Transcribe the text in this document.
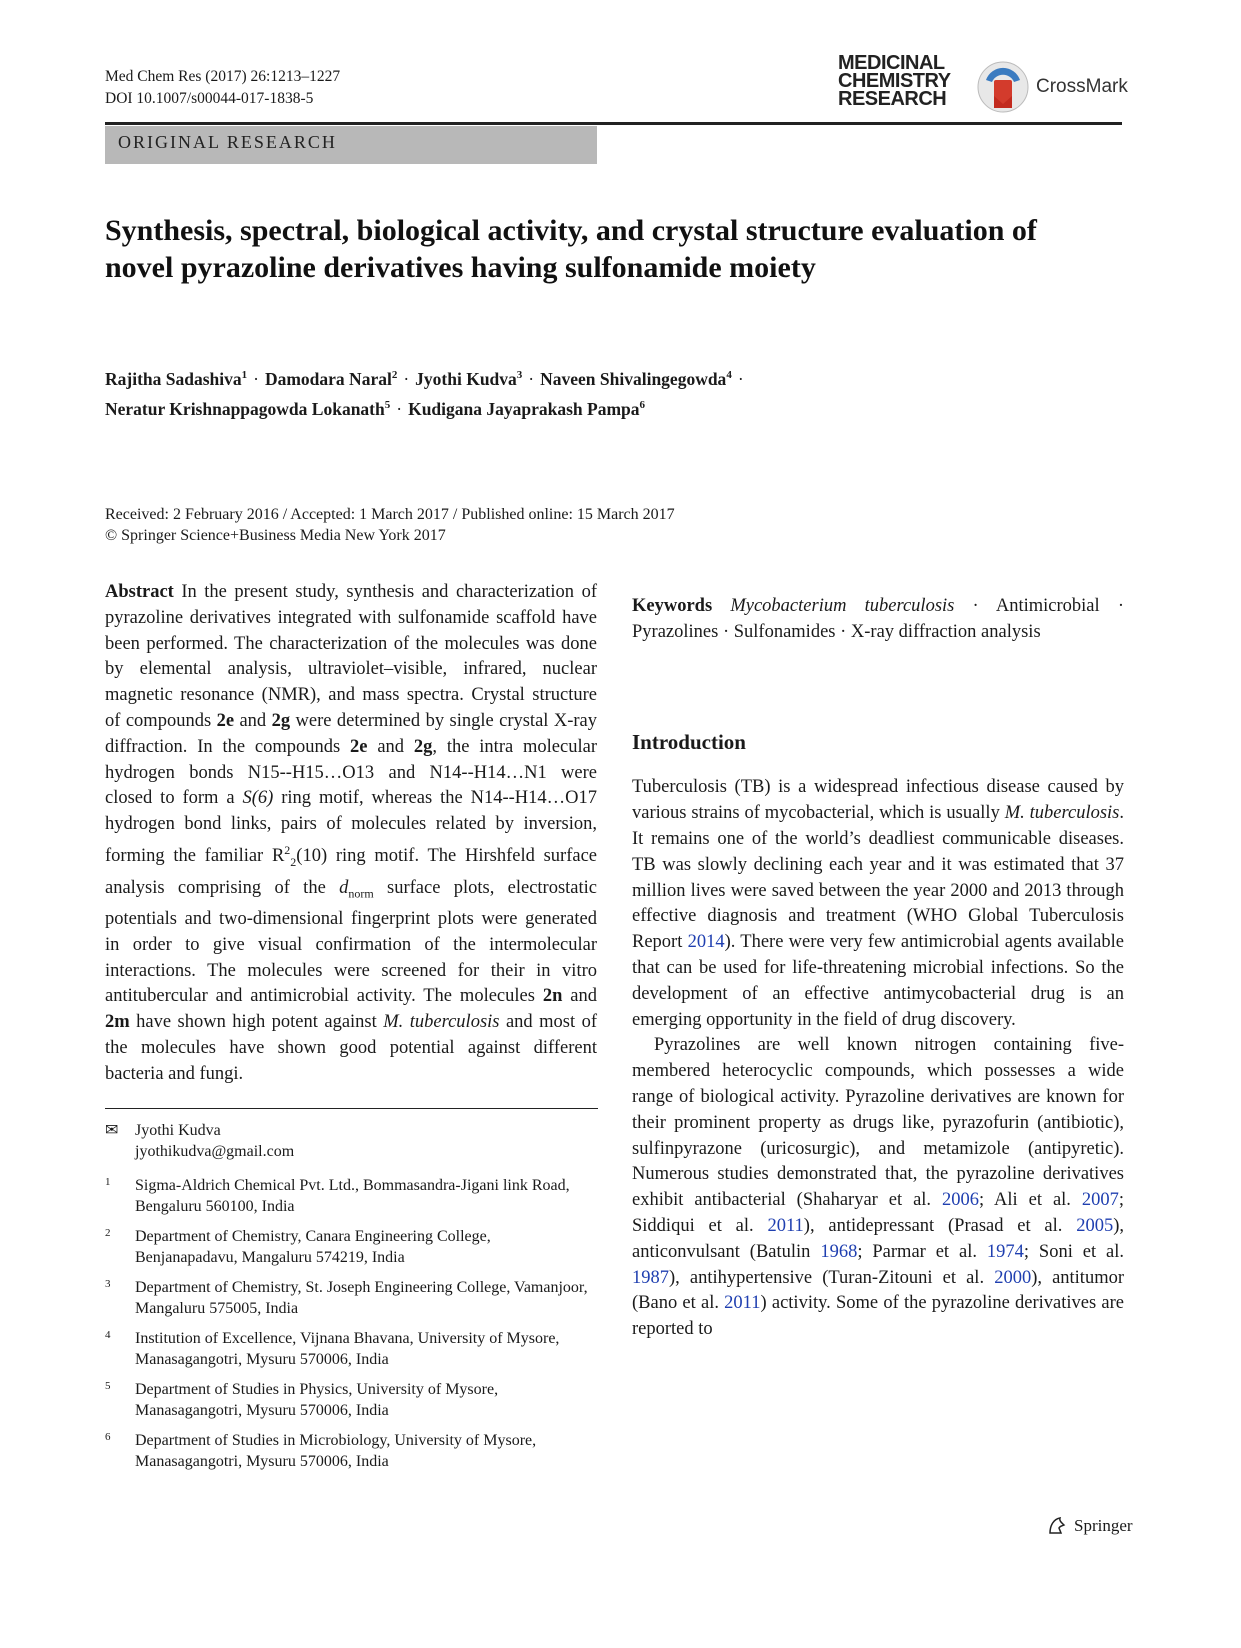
Med Chem Res (2017) 26:1213–1227
DOI 10.1007/s00044-017-1838-5
MEDICINAL
CHEMISTRY
RESEARCH
CrossMark
ORIGINAL RESEARCH
Synthesis, spectral, biological activity, and crystal structure evaluation of novel pyrazoline derivatives having sulfonamide moiety
Rajitha Sadashiva$^1$ · Damodara Naral$^2$ · Jyothi Kudva$^3$ · Naveen Shivalingegowda$^4$ ·
Neratur Krishnappagowda Lokanath$^5$ · Kudigana Jayaprakash Pampa$^6$
Received: 2 February 2016 / Accepted: 1 March 2017 / Published online: 15 March 2017
© Springer Science+Business Media New York 2017

Abstract In the present study, synthesis and characterization of pyrazoline derivatives integrated with sulfonamide scaffold have been performed. The characterization of the molecules was done by elemental analysis, ultraviolet–visible, infrared, nuclear magnetic resonance (NMR), and mass spectra. Crystal structure of compounds 2e and 2g were determined by single crystal X-ray diffraction. In the compounds 2e and 2g, the intra molecular hydrogen bonds N15--H15…O13 and N14--H14…N1 were closed to form a S(6) ring motif, whereas the N14--H14…O17 hydrogen bond links, pairs of molecules related by inversion, forming the familiar $R^2_2(10)$ ring motif. The Hirshfeld surface analysis comprising of the $d_{norm}$ surface plots, electrostatic potentials and two-dimensional fingerprint plots were generated in order to give visual confirmation of the intermolecular interactions. The molecules were screened for their in vitro antitubercular and antimicrobial activity. The molecules 2n and 2m have shown high potent against M. tuberculosis and most of the molecules have shown good potential against different bacteria and fungi.

✉ Jyothi Kudva
jyothikudva@gmail.com
1 Sigma-Aldrich Chemical Pvt. Ltd., Bommasandra-Jigani link Road, Bengaluru 560100, India
2 Department of Chemistry, Canara Engineering College, Benjanapadavu, Mangaluru 574219, India
3 Department of Chemistry, St. Joseph Engineering College, Vamanjoor, Mangaluru 575005, India
4 Institution of Excellence, Vijnana Bhavana, University of Mysore, Manasagangotri, Mysuru 570006, India
5 Department of Studies in Physics, University of Mysore, Manasagangotri, Mysuru 570006, India
6 Department of Studies in Microbiology, University of Mysore, Manasagangotri, Mysuru 570006, India

Keywords Mycobacterium tuberculosis · Antimicrobial · Pyrazolines · Sulfonamides · X-ray diffraction analysis

Introduction

Tuberculosis (TB) is a widespread infectious disease caused by various strains of mycobacterial, which is usually M. tuberculosis. It remains one of the world’s deadliest communicable diseases. TB was slowly declining each year and it was estimated that 37 million lives were saved between the year 2000 and 2013 through effective diagnosis and treatment (WHO Global Tuberculosis Report 2014). There were very few antimicrobial agents available that can be used for life-threatening microbial infections. So the development of an effective antimycobacterial drug is an emerging opportunity in the field of drug discovery.

Pyrazolines are well known nitrogen containing five-membered heterocyclic compounds, which possesses a wide range of biological activity. Pyrazoline derivatives are known for their prominent property as drugs like, pyrazofurin (antibiotic), sulfinpyrazone (uricosurgic), and metamizole (antipyretic). Numerous studies demonstrated that, the pyrazoline derivatives exhibit antibacterial (Shaharyar et al. 2006; Ali et al. 2007; Siddiqui et al. 2011), antidepressant (Prasad et al. 2005), anticonvulsant (Batulin 1968; Parmar et al. 1974; Soni et al. 1987), antihypertensive (Turan-Zitouni et al. 2000), antitumor (Bano et al. 2011) activity. Some of the pyrazoline derivatives are reported to

Springer
